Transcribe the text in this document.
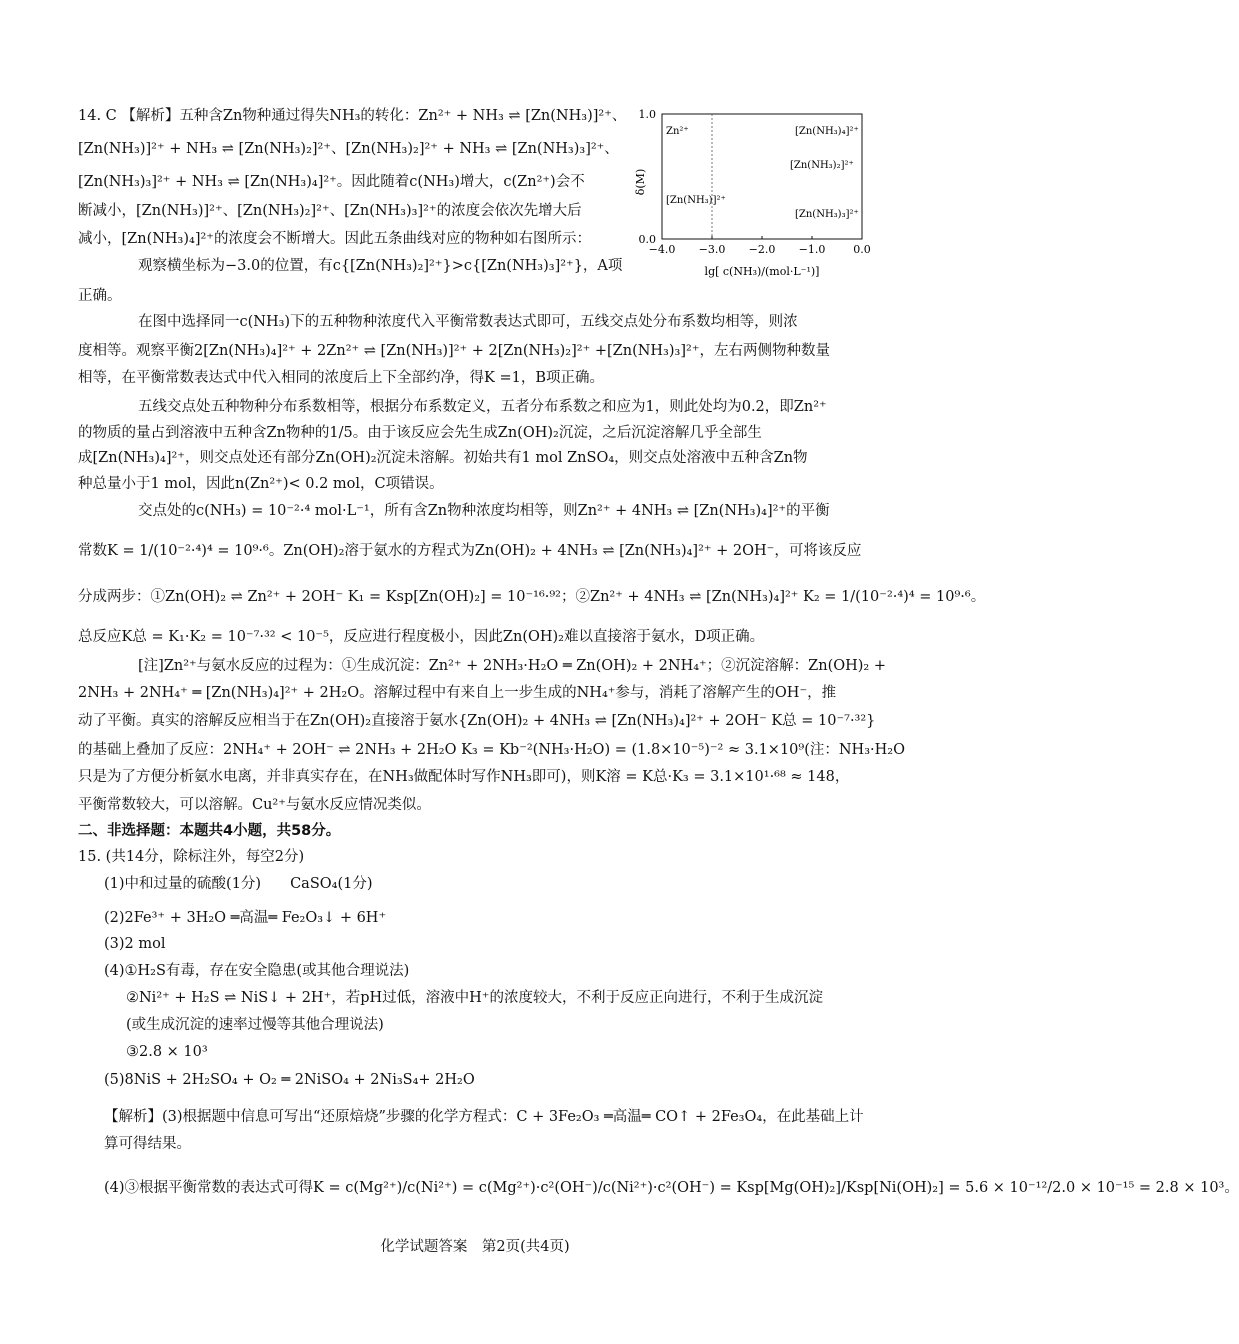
14. C 【解析】五种含Zn物种通过得失NH₃的转化：Zn²⁺ + NH₃ ⇌ [Zn(NH₃)]²⁺、
[Zn(NH₃)]²⁺ + NH₃ ⇌ [Zn(NH₃)₂]²⁺、[Zn(NH₃)₂]²⁺ + NH₃ ⇌ [Zn(NH₃)₃]²⁺、
[Zn(NH₃)₃]²⁺ + NH₃ ⇌ [Zn(NH₃)₄]²⁺。因此随着c(NH₃)增大，c(Zn²⁺)会不
断减小，[Zn(NH₃)]²⁺、[Zn(NH₃)₂]²⁺、[Zn(NH₃)₃]²⁺的浓度会依次先增大后
减小，[Zn(NH₃)₄]²⁺的浓度会不断增大。因此五条曲线对应的物种如右图所示：
1.0
0.0
δ(M)
−4.0 −3.0 −2.0 −1.0	0.0
lg[ c(NH₃)/(mol·L⁻¹)]
Zn²⁺	[Zn(NH₃)₄]²⁺
[Zn(NH₃)₂]²⁺
[Zn(NH₃)]²⁺
[Zn(NH₃)₃]²⁺
观察横坐标为−3.0的位置，有c{[Zn(NH₃)₂]²⁺}>c{[Zn(NH₃)₃]²⁺}，A项
正确。
在图中选择同一c(NH₃)下的五种物种浓度代入平衡常数表达式即可，五线交点处分布系数均相等，则浓
度相等。观察平衡2[Zn(NH₃)₄]²⁺ + 2Zn²⁺ ⇌ [Zn(NH₃)]²⁺ + 2[Zn(NH₃)₂]²⁺ +[Zn(NH₃)₃]²⁺，左右两侧物种数量
相等，在平衡常数表达式中代入相同的浓度后上下全部约净，得K =1，B项正确。
五线交点处五种物种分布系数相等，根据分布系数定义，五者分布系数之和应为1，则此处均为0.2，即Zn²⁺
的物质的量占到溶液中五种含Zn物种的1/5。由于该反应会先生成Zn(OH)₂沉淀，之后沉淀溶解几乎全部生
成[Zn(NH₃)₄]²⁺，则交点处还有部分Zn(OH)₂沉淀未溶解。初始共有1 mol ZnSO₄，则交点处溶液中五种含Zn物
种总量小于1 mol，因此n(Zn²⁺)< 0.2 mol，C项错误。
交点处的c(NH₃) = 10⁻²·⁴ mol·L⁻¹，所有含Zn物种浓度均相等，则Zn²⁺ + 4NH₃ ⇌ [Zn(NH₃)₄]²⁺的平衡
常数K = 1/(10⁻²·⁴)⁴ = 10⁹·⁶。Zn(OH)₂溶于氨水的方程式为Zn(OH)₂ + 4NH₃ ⇌ [Zn(NH₃)₄]²⁺ + 2OH⁻，可将该反应
分成两步：①Zn(OH)₂ ⇌ Zn²⁺ + 2OH⁻ K₁ = Ksp[Zn(OH)₂] = 10⁻¹⁶·⁹²；②Zn²⁺ + 4NH₃ ⇌ [Zn(NH₃)₄]²⁺ K₂ = 1/(10⁻²·⁴)⁴ = 10⁹·⁶。
总反应K总 = K₁·K₂ = 10⁻⁷·³² < 10⁻⁵，反应进行程度极小，因此Zn(OH)₂难以直接溶于氨水，D项正确。
[注]Zn²⁺与氨水反应的过程为：①生成沉淀：Zn²⁺ + 2NH₃·H₂O ═ Zn(OH)₂ + 2NH₄⁺；②沉淀溶解：Zn(OH)₂ +
2NH₃ + 2NH₄⁺ ═ [Zn(NH₃)₄]²⁺ + 2H₂O。溶解过程中有来自上一步生成的NH₄⁺参与，消耗了溶解产生的OH⁻，推
动了平衡。真实的溶解反应相当于在Zn(OH)₂直接溶于氨水{Zn(OH)₂ + 4NH₃ ⇌ [Zn(NH₃)₄]²⁺ + 2OH⁻ K总 = 10⁻⁷·³²}
的基础上叠加了反应：2NH₄⁺ + 2OH⁻ ⇌ 2NH₃ + 2H₂O K₃ = Kb⁻²(NH₃·H₂O) = (1.8×10⁻⁵)⁻² ≈ 3.1×10⁹(注：NH₃·H₂O
只是为了方便分析氨水电离，并非真实存在，在NH₃做配体时写作NH₃即可)，则K溶 = K总·K₃ = 3.1×10¹·⁶⁸ ≈ 148，
平衡常数较大，可以溶解。Cu²⁺与氨水反应情况类似。
二、非选择题：本题共4小题，共58分。
15. (共14分，除标注外，每空2分)
(1)中和过量的硫酸(1分)　　CaSO₄(1分)
(2)2Fe³⁺ + 3H₂O ═高温═ Fe₂O₃↓ + 6H⁺
(3)2 mol
(4)①H₂S有毒，存在安全隐患(或其他合理说法)
②Ni²⁺ + H₂S ⇌ NiS↓ + 2H⁺，若pH过低，溶液中H⁺的浓度较大，不利于反应正向进行，不利于生成沉淀
(或生成沉淀的速率过慢等其他合理说法)
③2.8 × 10³
(5)8NiS + 2H₂SO₄ + O₂ ═ 2NiSO₄ + 2Ni₃S₄+ 2H₂O
【解析】(3)根据题中信息可写出“还原焙烧”步骤的化学方程式：C + 3Fe₂O₃ ═高温═ CO↑ + 2Fe₃O₄，在此基础上计
算可得结果。
(4)③根据平衡常数的表达式可得K = c(Mg²⁺)/c(Ni²⁺) = c(Mg²⁺)·c²(OH⁻)/c(Ni²⁺)·c²(OH⁻) = Ksp[Mg(OH)₂]/Ksp[Ni(OH)₂] = 5.6 × 10⁻¹²/2.0 × 10⁻¹⁵ = 2.8 × 10³。
化学试题答案　第2页(共4页)
